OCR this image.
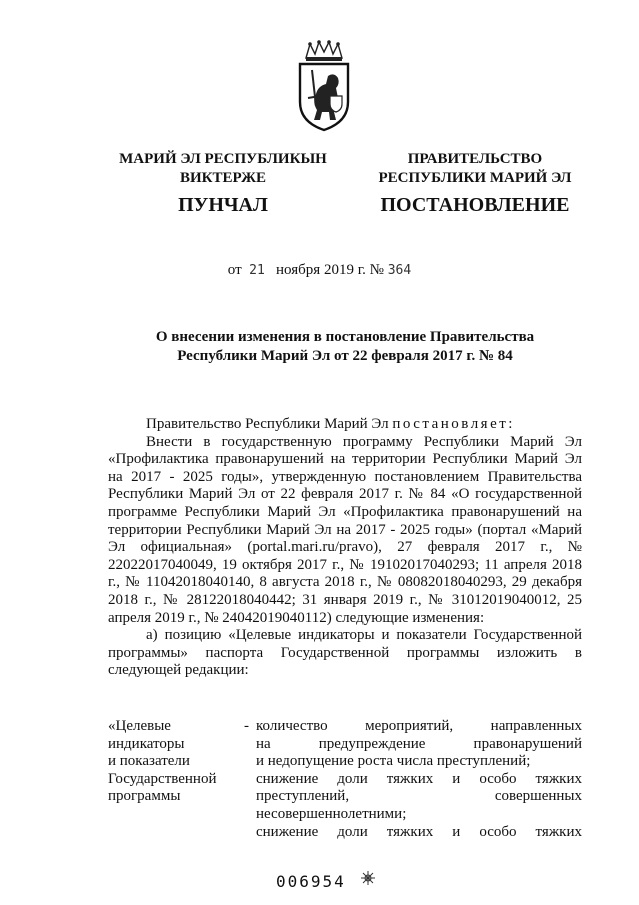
МАРИЙ ЭЛ РЕСПУБЛИКЫН
ВИКТЕРЖЕ
ПУНЧАЛ
ПРАВИТЕЛЬСТВО
РЕСПУБЛИКИ МАРИЙ ЭЛ
ПОСТАНОВЛЕНИЕ
от 21 ноября 2019 г. № 364
О внесении изменения в постановление Правительства
Республики Марий Эл от 22 февраля 2017 г. № 84

Правительство Республики Марий Эл постановляет:

Внести в государственную программу Республики Марий Эл «Профилактика правонарушений на территории Республики Марий Эл на 2017 - 2025 годы», утвержденную постановлением Правительства Республики Марий Эл от 22 февраля 2017 г. № 84 «О государственной программе Республики Марий Эл «Профилактика правонарушений на территории Республики Марий Эл на 2017 - 2025 годы» (портал «Марий Эл официальная» (portal.mari.ru/pravo), 27 февраля 2017 г., № 22022017040049, 19 октября 2017 г., № 19102017040293; 11 апреля 2018 г., № 11042018040140, 8 августа 2018 г., № 08082018040293, 29 декабря 2018 г., № 28122018040442; 31 января 2019 г., № 31012019040012, 25 апреля 2019 г., № 24042019040112) следующие изменения:

а) позицию «Целевые индикаторы и показатели Государственной программы» паспорта Государственной программы изложить в следующей редакции:

«Целевые
индикаторы
и показатели
Государственной
программы
- количество мероприятий, направленных
на предупреждение правонарушений
и недопущение роста числа преступлений;
снижение доли тяжких и особо тяжких
преступлений, совершенных
несовершеннолетними;
снижение доли тяжких и особо тяжких
006954
